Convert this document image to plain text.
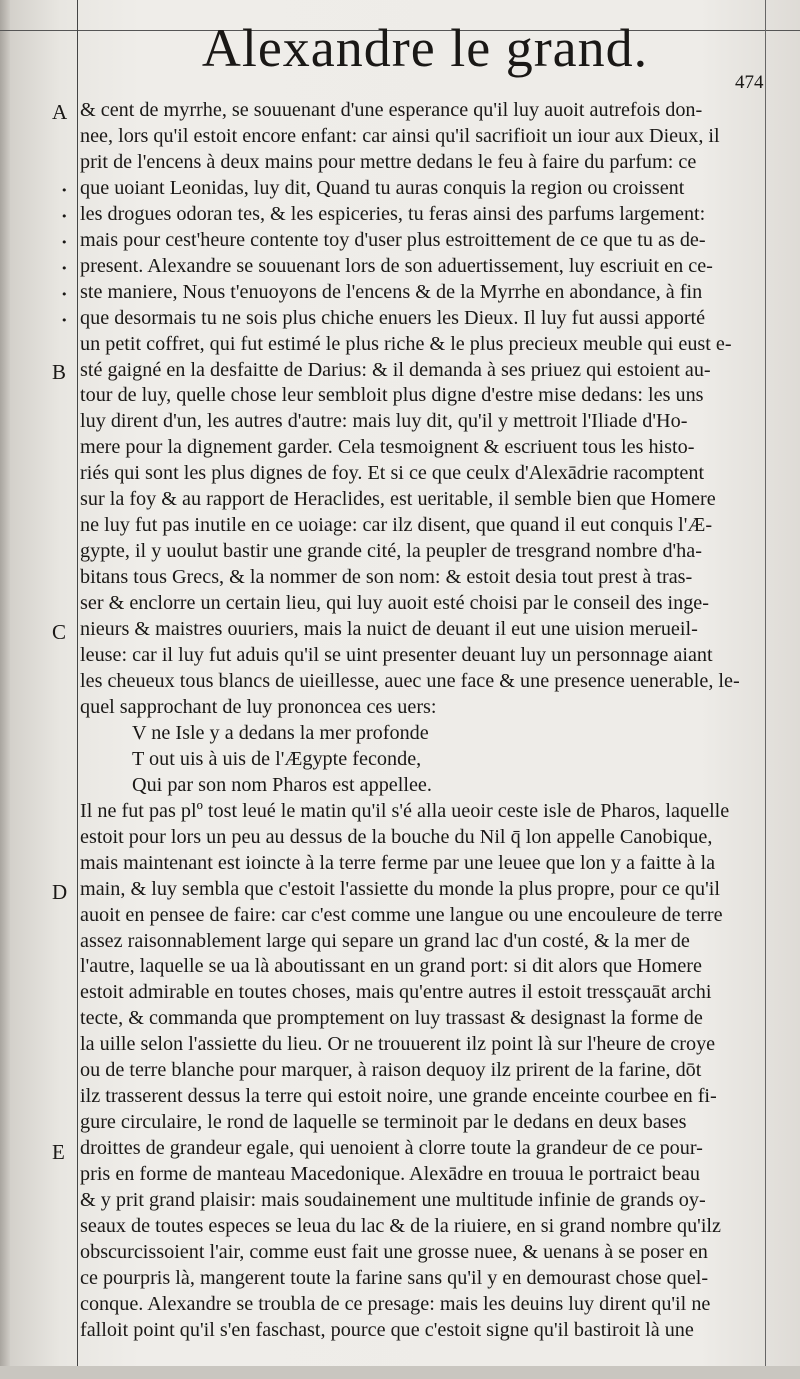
Alexandre le grand.
474
A
B
C
D
E
•
•
•
•
•
•
& cent de myrrhe, se souuenant d'une esperance qu'il luy auoit autrefois don-
nee, lors qu'il estoit encore enfant: car ainsi qu'il sacrifioit un iour aux Dieux, il
prit de l'encens à deux mains pour mettre dedans le feu à faire du parfum: ce
que uoiant Leonidas, luy dit, Quand tu auras conquis la region ou croissent
les drogues odoran tes, & les espiceries, tu feras ainsi des parfums largement:
mais pour cest'heure contente toy d'user plus estroittement de ce que tu as de-
present. Alexandre se souuenant lors de son aduertissement, luy escriuit en ce-
ste maniere, Nous t'enuoyons de l'encens & de la Myrrhe en abondance, à fin
que desormais tu ne sois plus chiche enuers les Dieux. Il luy fut aussi apporté
un petit coffret, qui fut estimé le plus riche & le plus precieux meuble qui eust e-
sté gaigné en la desfaitte de Darius: & il demanda à ses priuez qui estoient au-
tour de luy, quelle chose leur sembloit plus digne d'estre mise dedans: les uns
luy dirent d'un, les autres d'autre: mais luy dit, qu'il y mettroit l'Iliade d'Ho-
mere pour la dignement garder. Cela tesmoignent & escriuent tous les histo-
riés qui sont les plus dignes de foy. Et si ce que ceulx d'Alexādrie racomptent
sur la foy & au rapport de Heraclides, est ueritable, il semble bien que Homere
ne luy fut pas inutile en ce uoiage: car ilz disent, que quand il eut conquis l'Æ-
gypte, il y uoulut bastir une grande cité, la peupler de tresgrand nombre d'ha-
bitans tous Grecs, & la nommer de son nom: & estoit desia tout prest à tras-
ser & enclorre un certain lieu, qui luy auoit esté choisi par le conseil des inge-
nieurs & maistres ouuriers, mais la nuict de deuant il eut une uision merueil-
leuse: car il luy fut aduis qu'il se uint presenter deuant luy un personnage aiant
les cheueux tous blancs de uieillesse, auec une face & une presence uenerable, le-
quel sapprochant de luy prononcea ces uers:
V ne Isle y a dedans la mer profonde
T out uis à uis de l'Ægypte feconde,
Qui par son nom Pharos est appellee.
Il ne fut pas plº tost leué le matin qu'il s'é alla ueoir ceste isle de Pharos, laquelle
estoit pour lors un peu au dessus de la bouche du Nil q̄ lon appelle Canobique,
mais maintenant est ioincte à la terre ferme par une leuee que lon y a faitte à la
main, & luy sembla que c'estoit l'assiette du monde la plus propre, pour ce qu'il
auoit en pensee de faire: car c'est comme une langue ou une encouleure de terre
assez raisonnablement large qui separe un grand lac d'un costé, & la mer de
l'autre, laquelle se ua là aboutissant en un grand port: si dit alors que Homere
estoit admirable en toutes choses, mais qu'entre autres il estoit tressçauāt archi
tecte, & commanda que promptement on luy trassast & designast la forme de
la uille selon l'assiette du lieu. Or ne trouuerent ilz point là sur l'heure de croye
ou de terre blanche pour marquer, à raison dequoy ilz prirent de la farine, dōt
ilz trasserent dessus la terre qui estoit noire, une grande enceinte courbee en fi-
gure circulaire, le rond de laquelle se terminoit par le dedans en deux bases
droittes de grandeur egale, qui uenoient à clorre toute la grandeur de ce pour-
pris en forme de manteau Macedonique. Alexādre en trouua le portraict beau
& y prit grand plaisir: mais soudainement une multitude infinie de grands oy-
seaux de toutes especes se leua du lac & de la riuiere, en si grand nombre qu'ilz
obscurcissoient l'air, comme eust fait une grosse nuee, & uenans à se poser en
ce pourpris là, mangerent toute la farine sans qu'il y en demourast chose quel-
conque. Alexandre se troubla de ce presage: mais les deuins luy dirent qu'il ne
falloit point qu'il s'en faschast, pource que c'estoit signe qu'il bastiroit là une
